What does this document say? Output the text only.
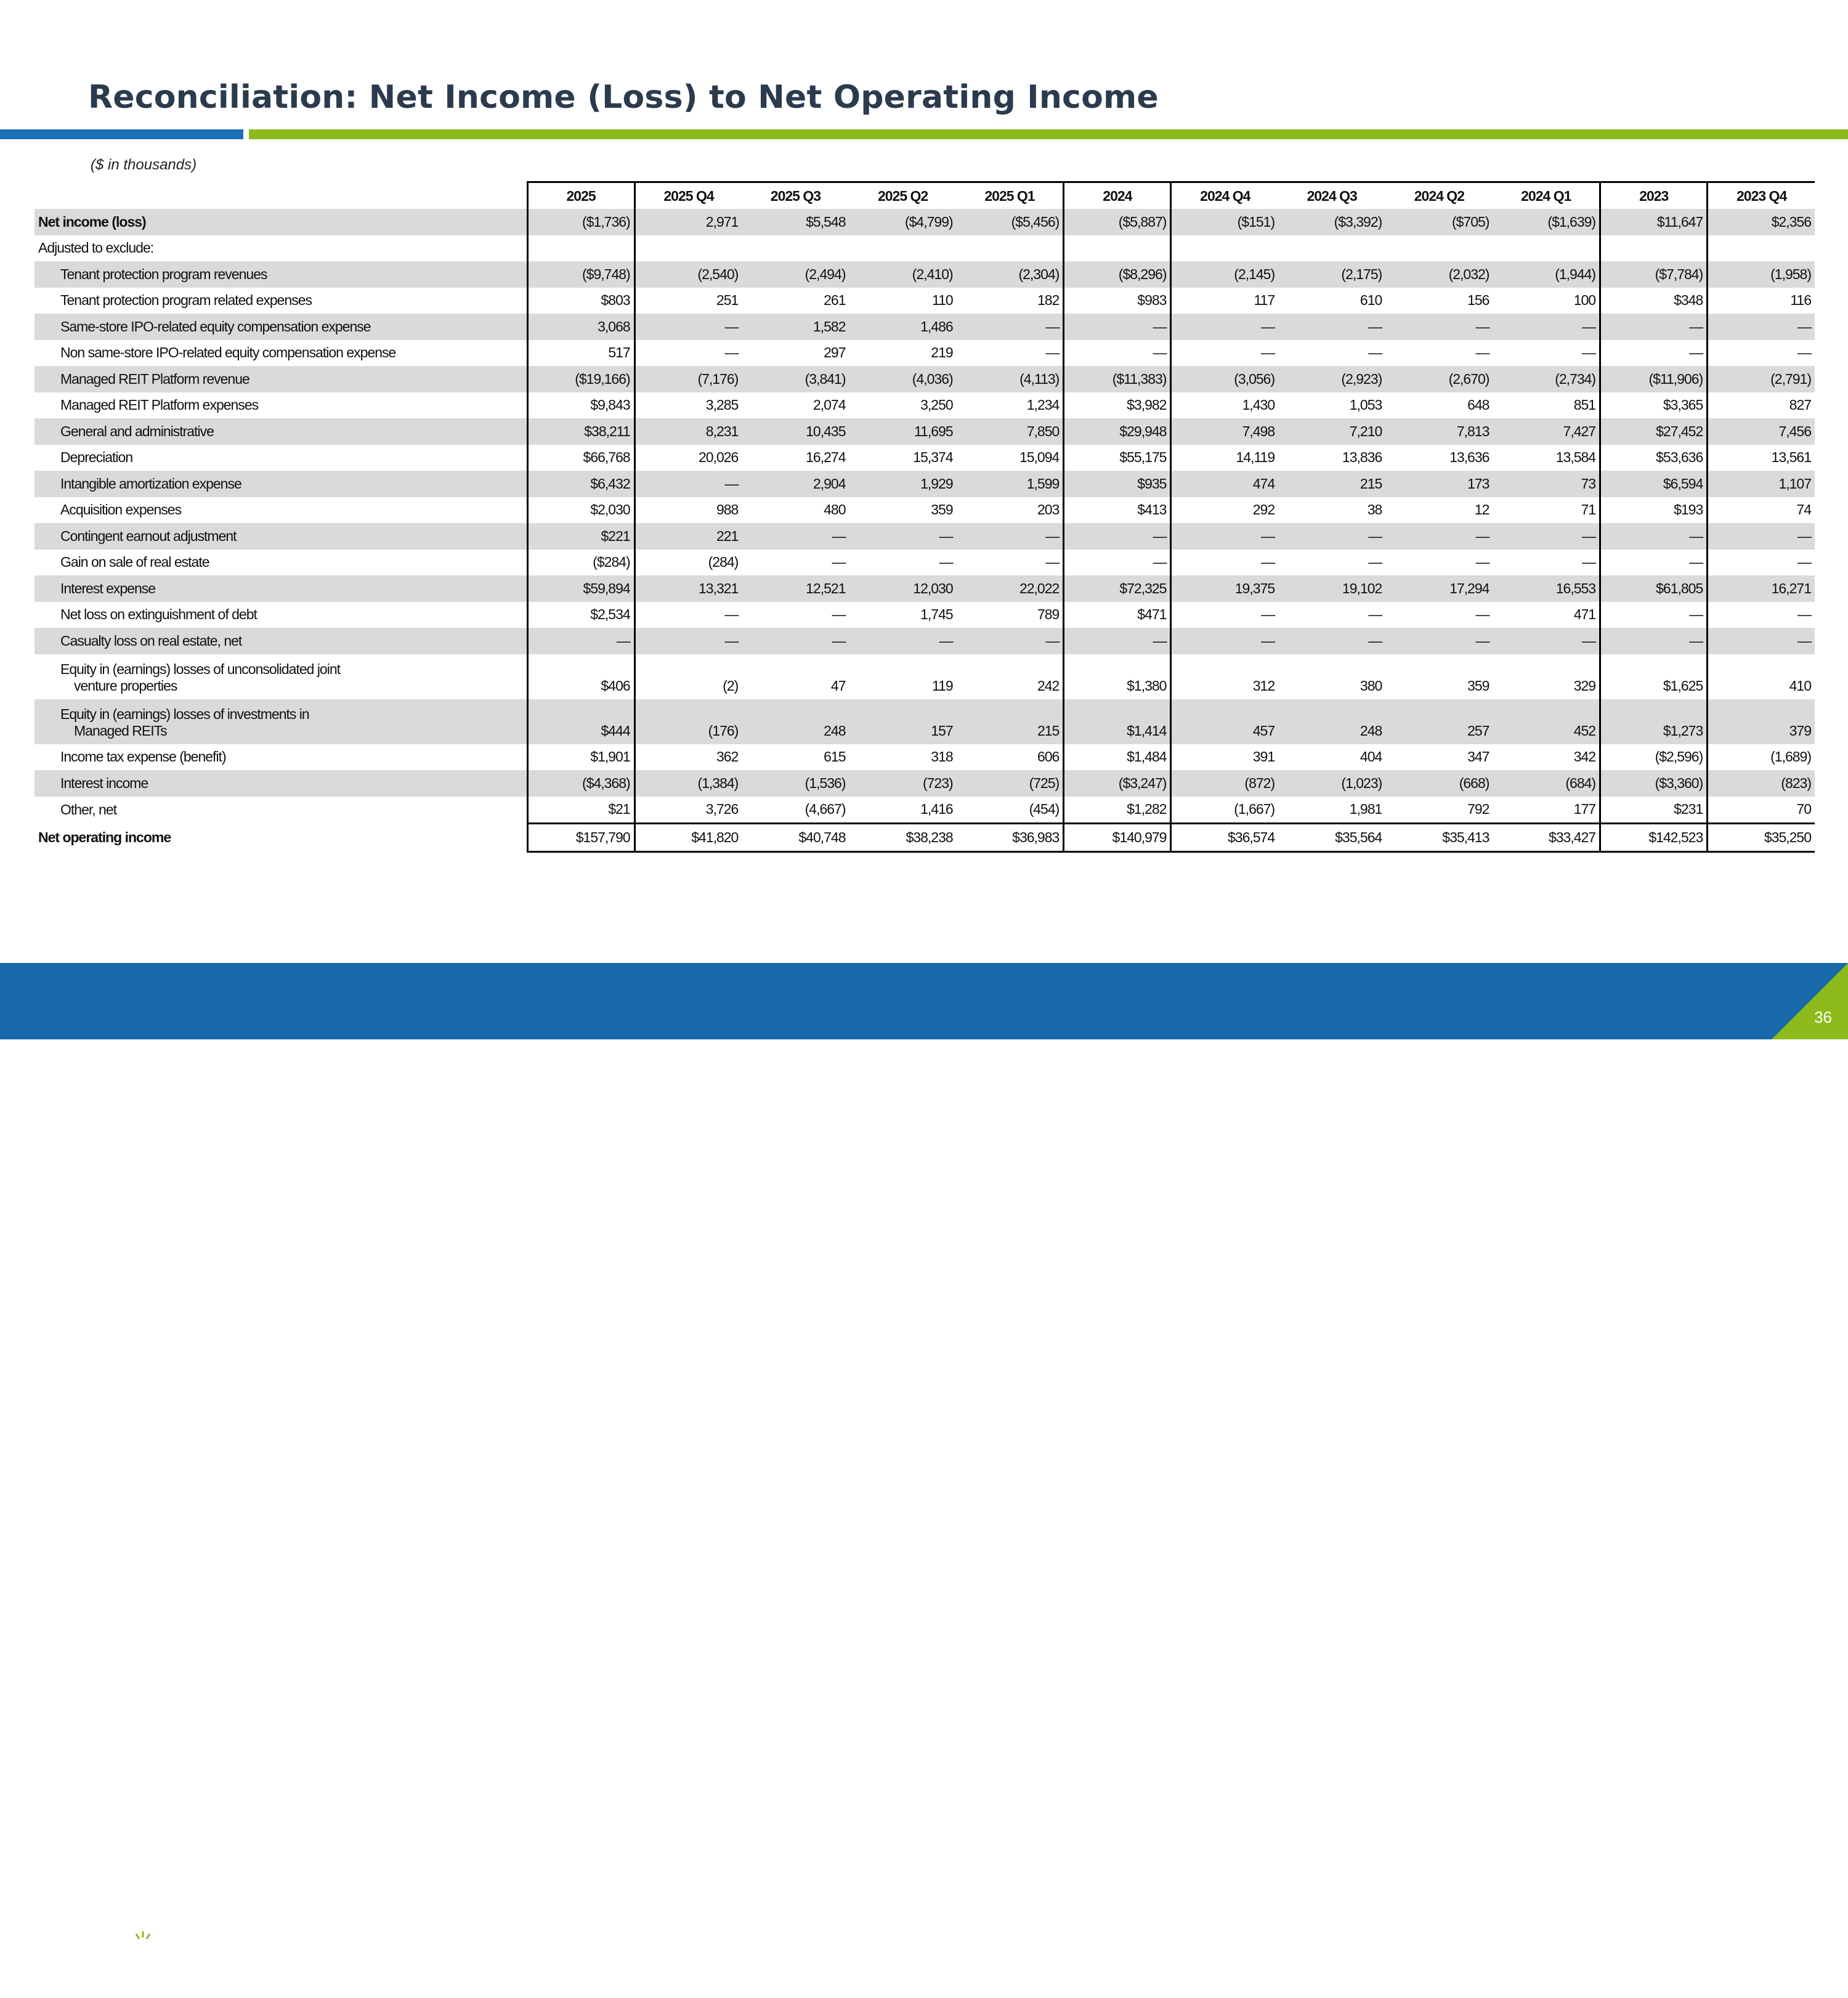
Reconciliation: Net Income (Loss) to Net Operating Income
($ in thousands)
	2025	2025 Q4	2025 Q3	2025 Q2	2025 Q1	2024	2024 Q4	2024 Q3	2024 Q2	2024 Q1	2023	2023 Q4
Net income (loss)	($1,736)	2,971	$5,548	($4,799)	($5,456)	($5,887)	($151)	($3,392)	($705)	($1,639)	$11,647	$2,356
Adjusted to exclude:												
Tenant protection program revenues	($9,748)	(2,540)	(2,494)	(2,410)	(2,304)	($8,296)	(2,145)	(2,175)	(2,032)	(1,944)	($7,784)	(1,958)
Tenant protection program related expenses	$803	251	261	110	182	$983	117	610	156	100	$348	116
Same-store IPO-related equity compensation expense	3,068	—	1,582	1,486	—	—	—	—	—	—	—	—
Non same-store IPO-related equity compensation expense	517	—	297	219	—	—	—	—	—	—	—	—
Managed REIT Platform revenue	($19,166)	(7,176)	(3,841)	(4,036)	(4,113)	($11,383)	(3,056)	(2,923)	(2,670)	(2,734)	($11,906)	(2,791)
Managed REIT Platform expenses	$9,843	3,285	2,074	3,250	1,234	$3,982	1,430	1,053	648	851	$3,365	827
General and administrative	$38,211	8,231	10,435	11,695	7,850	$29,948	7,498	7,210	7,813	7,427	$27,452	7,456
Depreciation	$66,768	20,026	16,274	15,374	15,094	$55,175	14,119	13,836	13,636	13,584	$53,636	13,561
Intangible amortization expense	$6,432	—	2,904	1,929	1,599	$935	474	215	173	73	$6,594	1,107
Acquisition expenses	$2,030	988	480	359	203	$413	292	38	12	71	$193	74
Contingent earnout adjustment	$221	221	—	—	—	—	—	—	—	—	—	—
Gain on sale of real estate	($284)	(284)	—	—	—	—	—	—	—	—	—	—
Interest expense	$59,894	13,321	12,521	12,030	22,022	$72,325	19,375	19,102	17,294	16,553	$61,805	16,271
Net loss on extinguishment of debt	$2,534	—	—	1,745	789	$471	—	—	—	471	—	—
Casualty loss on real estate, net	—	—	—	—	—	—	—	—	—	—	—	—
Equity in (earnings) losses of unconsolidated joint
venture properties	$406	(2)	47	119	242	$1,380	312	380	359	329	$1,625	410
Equity in (earnings) losses of investments in
Managed REITs	$444	(176)	248	157	215	$1,414	457	248	257	452	$1,273	379
Income tax expense (benefit)	$1,901	362	615	318	606	$1,484	391	404	347	342	($2,596)	(1,689)
Interest income	($4,368)	(1,384)	(1,536)	(723)	(725)	($3,247)	(872)	(1,023)	(668)	(684)	($3,360)	(823)
Other, net	$21	3,726	(4,667)	1,416	(454)	$1,282	(1,667)	1,981	792	177	$231	70
Net operating income	$157,790	$41,820	$40,748	$38,238	$36,983	$140,979	$36,574	$35,564	$35,413	$33,427	$142,523	$35,250
SmartStop
Self Storage REIT, Inc.
...The Smarter Way to Store®
36
